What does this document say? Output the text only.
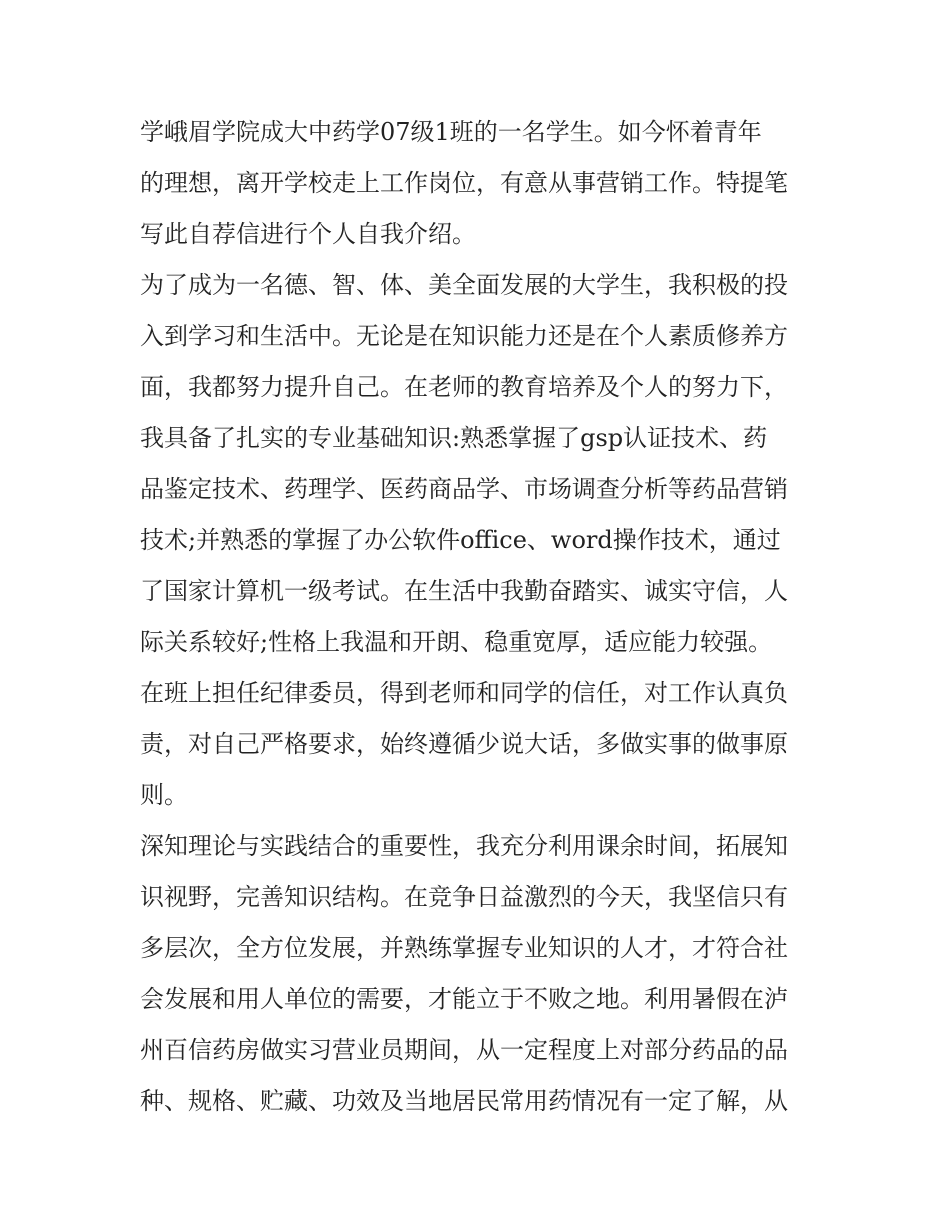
学峨眉学院成大中药学07级1班的一名学生。如今怀着青年
的理想，离开学校走上工作岗位，有意从事营销工作。特提笔
写此自荐信进行个人自我介绍。
为了成为一名德、智、体、美全面发展的大学生，我积极的投
入到学习和生活中。无论是在知识能力还是在个人素质修养方
面，我都努力提升自己。在老师的教育培养及个人的努力下，
我具备了扎实的专业基础知识:熟悉掌握了gsp认证技术、药
品鉴定技术、药理学、医药商品学、市场调查分析等药品营销
技术;并熟悉的掌握了办公软件office、word操作技术，通过
了国家计算机一级考试。在生活中我勤奋踏实、诚实守信，人
际关系较好;性格上我温和开朗、稳重宽厚，适应能力较强。
在班上担任纪律委员，得到老师和同学的信任，对工作认真负
责，对自己严格要求，始终遵循少说大话，多做实事的做事原
则。
深知理论与实践结合的重要性，我充分利用课余时间，拓展知
识视野，完善知识结构。在竞争日益激烈的今天，我坚信只有
多层次，全方位发展，并熟练掌握专业知识的人才，才符合社
会发展和用人单位的需要，才能立于不败之地。利用暑假在泸
州百信药房做实习营业员期间，从一定程度上对部分药品的品
种、规格、贮藏、功效及当地居民常用药情况有一定了解，从
